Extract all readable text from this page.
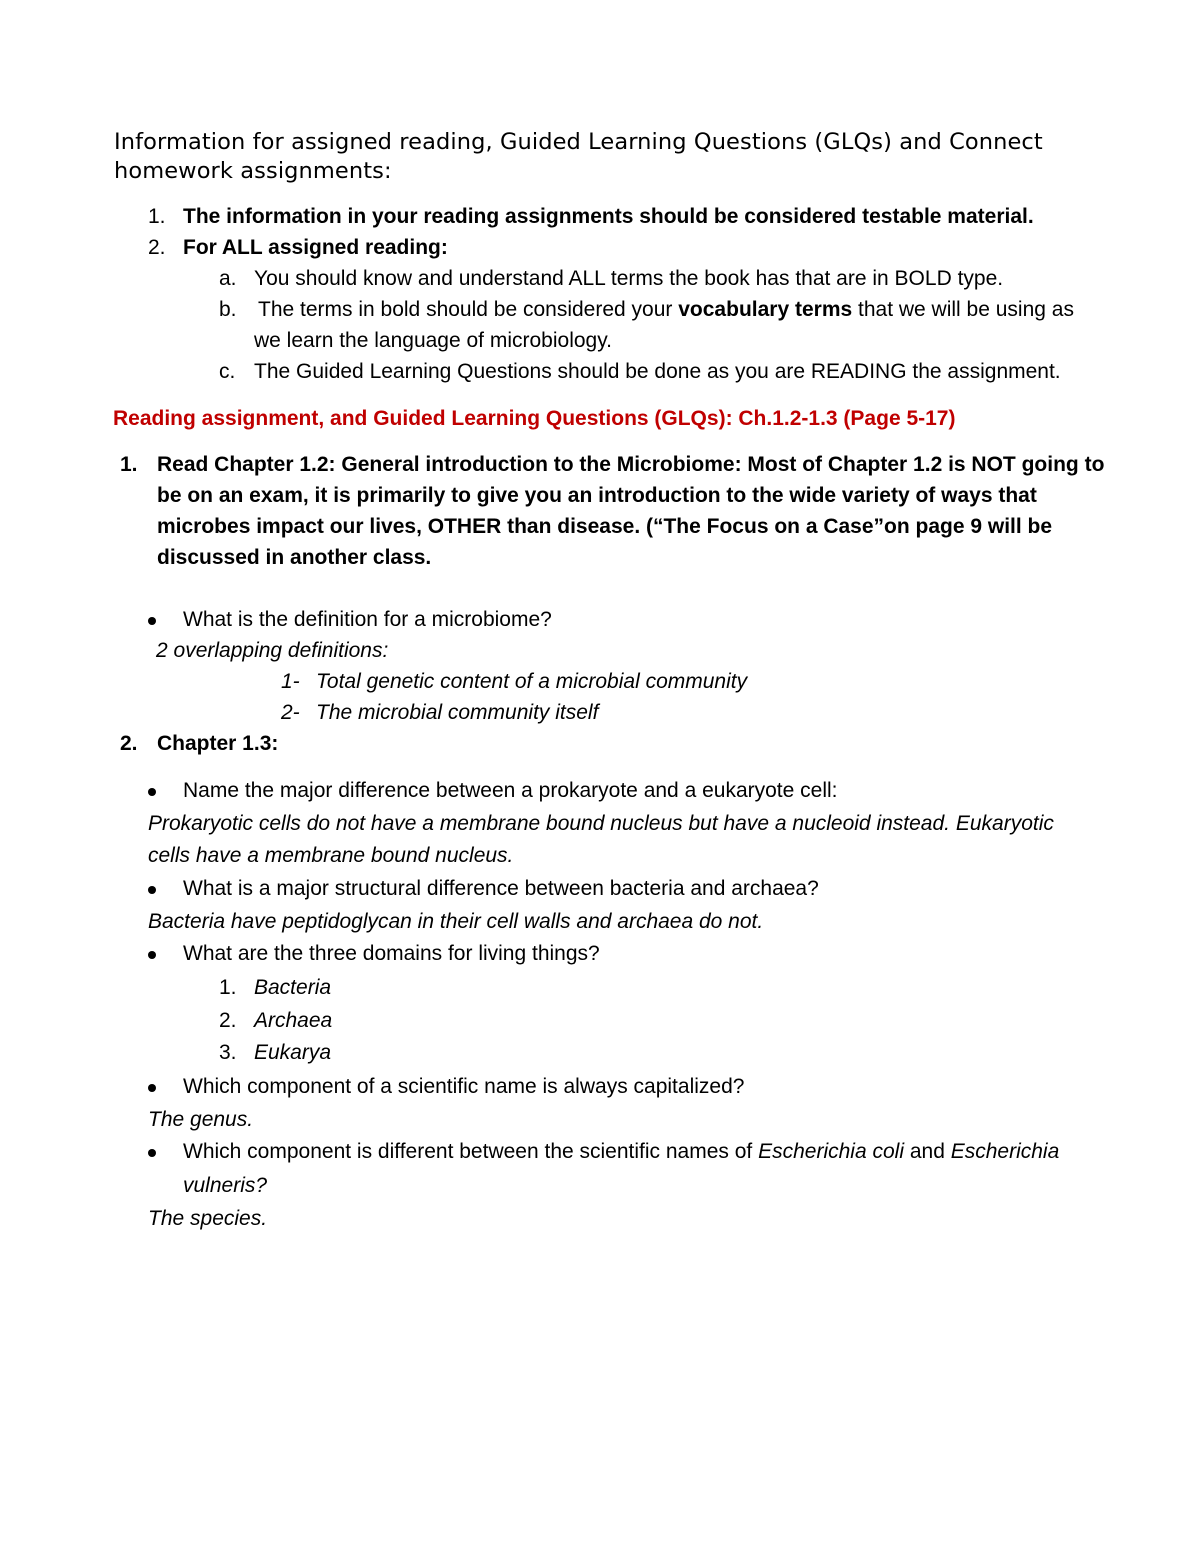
Information for assigned reading, Guided Learning Questions (GLQs) and Connect
homework assignments:
1. The information in your reading assignments should be considered testable material.
2. For ALL assigned reading:
a. You should know and understand ALL terms the book has that are in BOLD type.
b. The terms in bold should be considered your vocabulary terms that we will be using as
we learn the language of microbiology.
c. The Guided Learning Questions should be done as you are READING the assignment.
Reading assignment, and Guided Learning Questions (GLQs): Ch.1.2-1.3 (Page 5-17)
1. Read Chapter 1.2: General introduction to the Microbiome: Most of Chapter 1.2 is NOT going to
be on an exam, it is primarily to give you an introduction to the wide variety of ways that
microbes impact our lives, OTHER than disease. (“The Focus on a Case”on page 9 will be
discussed in another class.
What is the definition for a microbiome?
2 overlapping definitions:
1- Total genetic content of a microbial community
2- The microbial community itself
2. Chapter 1.3:
Name the major difference between a prokaryote and a eukaryote cell:
Prokaryotic cells do not have a membrane bound nucleus but have a nucleoid instead. Eukaryotic
cells have a membrane bound nucleus.
What is a major structural difference between bacteria and archaea?
Bacteria have peptidoglycan in their cell walls and archaea do not.
What are the three domains for living things?
1. Bacteria
2. Archaea
3. Eukarya
Which component of a scientific name is always capitalized?
The genus.
Which component is different between the scientific names of Escherichia coli and Escherichia
vulneris?
The species.
